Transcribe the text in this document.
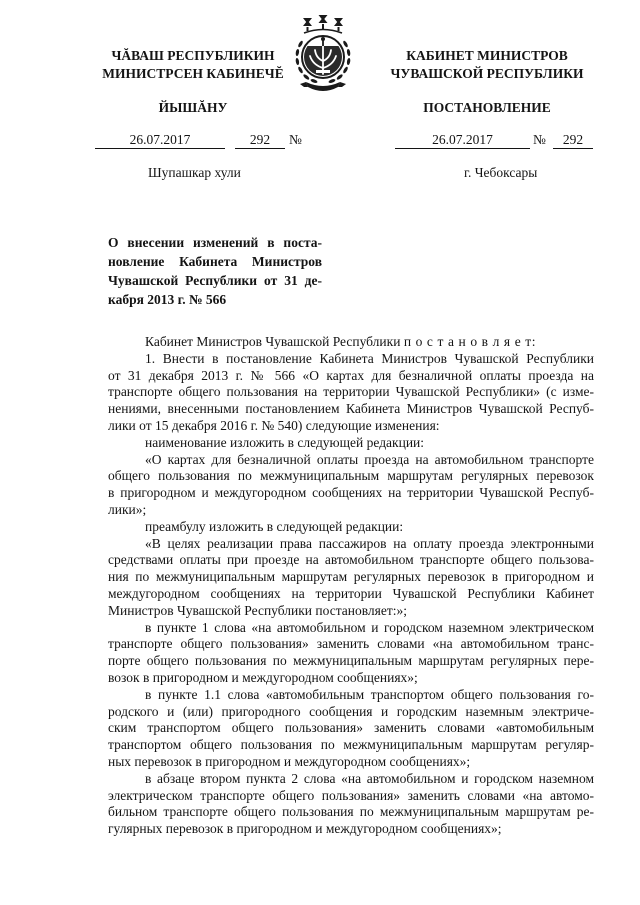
ЧĂВАШ РЕСПУБЛИКИН
МИНИСТРСЕН КАБИНЕЧĔ
ЙЫШĂНУ
КАБИНЕТ МИНИСТРОВ
ЧУВАШСКОЙ РЕСПУБЛИКИ
ПОСТАНОВЛЕНИЕ
26.07.2017	292	№	26.07.2017	№	292
Шупашкар хули	г. Чебоксары
О внесении изменений в поста-
новление Кабинета Министров
Чувашской Республики от 31 де-
кабря 2013 г. № 566
Кабинет Министров Чувашской Республики п о с т а н о в л я е т:
1. Внести в постановление Кабинета Министров Чувашской Республики
от 31 декабря 2013 г. № 566 «О картах для безналичной оплаты проезда на
транспорте общего пользования на территории Чувашской Республики» (с изме-
нениями, внесенными постановлением Кабинета Министров Чувашской Респуб-
лики от 15 декабря 2016 г. № 540) следующие изменения:
наименование изложить в следующей редакции:
«О картах для безналичной оплаты проезда на автомобильном транспорте
общего пользования по межмуниципальным маршрутам регулярных перевозок
в пригородном и междугородном сообщениях на территории Чувашской Респуб-
лики»;
преамбулу изложить в следующей редакции:
«В целях реализации права пассажиров на оплату проезда электронными
средствами оплаты при проезде на автомобильном транспорте общего пользова-
ния по межмуниципальным маршрутам регулярных перевозок в пригородном и
междугородном сообщениях на территории Чувашской Республики Кабинет
Министров Чувашской Республики постановляет:»;
в пункте 1 слова «на автомобильном и городском наземном электрическом
транспорте общего пользования» заменить словами «на автомобильном транс-
порте общего пользования по межмуниципальным маршрутам регулярных пере-
возок в пригородном и междугородном сообщениях»;
в пункте 1.1 слова «автомобильным транспортом общего пользования го-
родского и (или) пригородного сообщения и городским наземным электриче-
ским транспортом общего пользования» заменить словами «автомобильным
транспортом общего пользования по межмуниципальным маршрутам регуляр-
ных перевозок в пригородном и междугородном сообщениях»;
в абзаце втором пункта 2 слова «на автомобильном и городском наземном
электрическом транспорте общего пользования» заменить словами «на автомо-
бильном транспорте общего пользования по межмуниципальным маршрутам ре-
гулярных перевозок в пригородном и междугородном сообщениях»;
